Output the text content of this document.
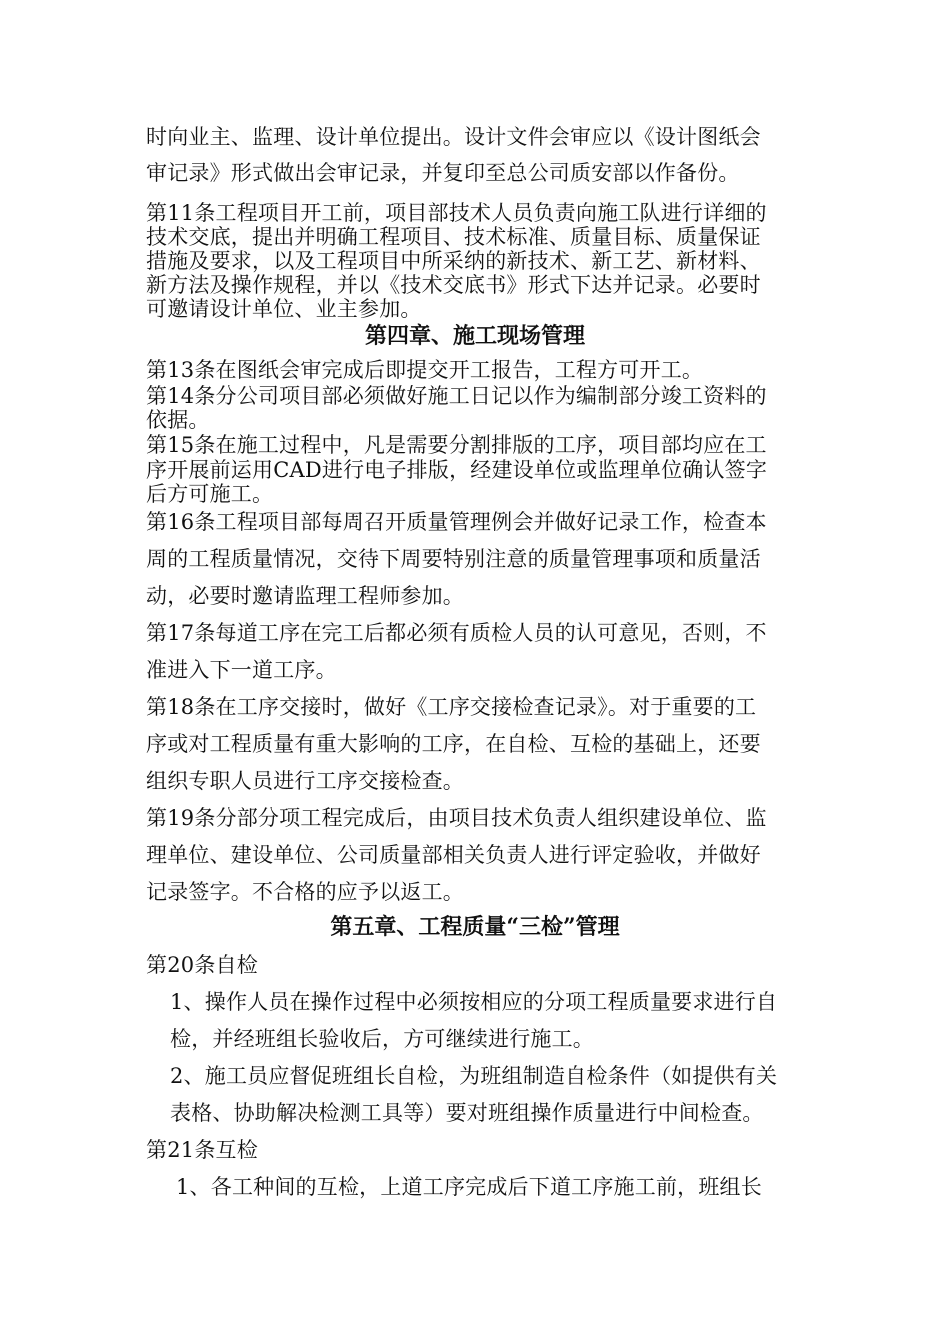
时向业主、监理、设计单位提出。设计文件会审应以《设计图纸会

审记录》形式做出会审记录，并复印至总公司质安部以作备份。

第11条工程项目开工前，项目部技术人员负责向施工队进行详细的

技术交底，提出并明确工程项目、技术标准、质量目标、质量保证

措施及要求，以及工程项目中所采纳的新技术、新工艺、新材料、

新方法及操作规程，并以《技术交底书》形式下达并记录。必要时

可邀请设计单位、业主参加。

第四章、施工现场管理

第13条在图纸会审完成后即提交开工报告，工程方可开工。

第14条分公司项目部必须做好施工日记以作为编制部分竣工资料的

依据。

第15条在施工过程中，凡是需要分割排版的工序，项目部均应在工

序开展前运用CAD进行电子排版，经建设单位或监理单位确认签字

后方可施工。

第16条工程项目部每周召开质量管理例会并做好记录工作，检查本

周的工程质量情况，交待下周要特别注意的质量管理事项和质量活

动，必要时邀请监理工程师参加。

第17条每道工序在完工后都必须有质检人员的认可意见，否则，不

准进入下一道工序。

第18条在工序交接时，做好《工序交接检查记录》。对于重要的工

序或对工程质量有重大影响的工序，在自检、互检的基础上，还要

组织专职人员进行工序交接检查。

第19条分部分项工程完成后，由项目技术负责人组织建设单位、监

理单位、建设单位、公司质量部相关负责人进行评定验收，并做好

记录签字。不合格的应予以返工。

第五章、工程质量“三检”管理

第20条自检

1、操作人员在操作过程中必须按相应的分项工程质量要求进行自

检，并经班组长验收后，方可继续进行施工。

2、施工员应督促班组长自检，为班组制造自检条件（如提供有关

表格、协助解决检测工具等）要对班组操作质量进行中间检查。

第21条互检

1、各工种间的互检，上道工序完成后下道工序施工前，班组长
